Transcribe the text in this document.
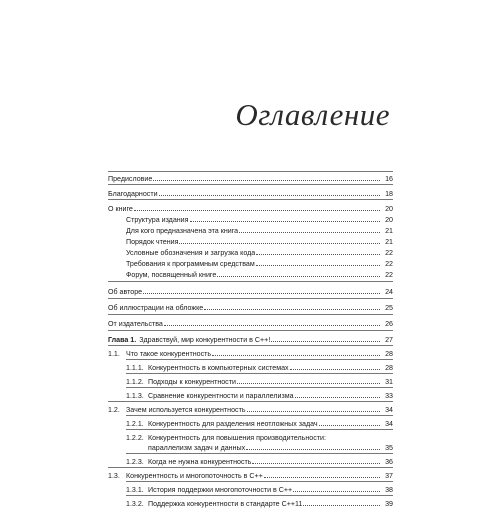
Оглавление
Предисловие	16
Благодарности	18
О книге	20
Структура издания	20
Для кого предназначена эта книга	21
Порядок чтения	21
Условные обозначения и загрузка кода	22
Требования к программным средствам	22
Форум, посвященный книге	22
Об авторе	24
Об иллюстрации на обложке	25
От издательства	26
Глава 1. Здравствуй, мир конкурентности в C++!	27
1.1. Что такое конкурентность	28
1.1.1. Конкурентность в компьютерных системах	28
1.1.2. Подходы к конкурентности	31
1.1.3. Сравнение конкурентности и параллелизма	33
1.2. Зачем используется конкурентность	34
1.2.1. Конкурентность для разделения неотложных задач	34
1.2.2. Конкурентность для повышения производительности:
параллелизм задач и данных	35
1.2.3. Когда не нужна конкурентность	36
1.3. Конкурентность и многопоточность в C++	37
1.3.1. История поддержки многопоточности в C++	38
1.3.2. Поддержка конкурентности в стандарте C++11	39
